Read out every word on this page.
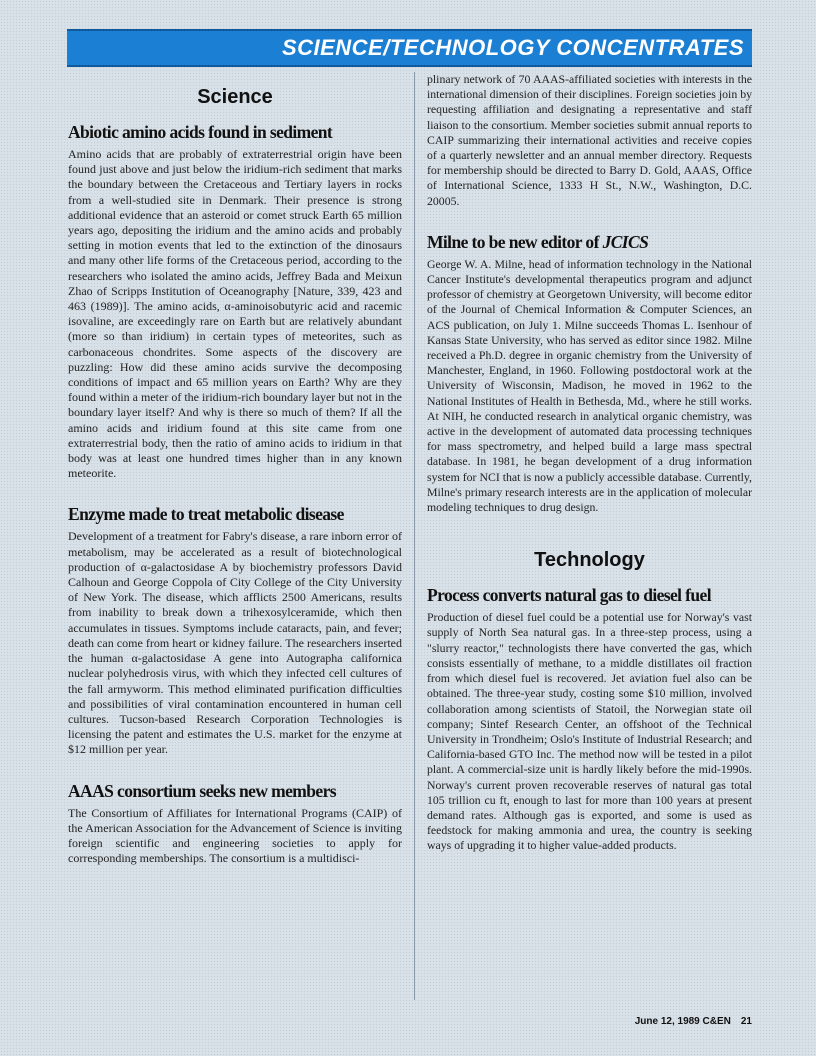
SCIENCE/TECHNOLOGY CONCENTRATES
Science
Abiotic amino acids found in sediment

Amino acids that are probably of extraterrestrial origin have been found just above and just below the iridium-rich sediment that marks the boundary between the Cretaceous and Tertiary layers in rocks from a well-studied site in Denmark. Their presence is strong additional evidence that an asteroid or comet struck Earth 65 million years ago, depositing the iridium and the amino acids and probably setting in motion events that led to the extinction of the dinosaurs and many other life forms of the Cretaceous period, according to the researchers who isolated the amino acids, Jeffrey Bada and Meixun Zhao of Scripps Institution of Oceanography [Nature, 339, 423 and 463 (1989)]. The amino acids, α-aminoisobutyric acid and racemic isovaline, are exceedingly rare on Earth but are relatively abundant (more so than iridium) in certain types of meteorites, such as carbonaceous chondrites. Some aspects of the discovery are puzzling: How did these amino acids survive the decomposing conditions of impact and 65 million years on Earth? Why are they found within a meter of the iridium-rich boundary layer but not in the boundary layer itself? And why is there so much of them? If all the amino acids and iridium found at this site came from one extraterrestrial body, then the ratio of amino acids to iridium in that body was at least one hundred times higher than in any known meteorite.

Enzyme made to treat metabolic disease

Development of a treatment for Fabry's disease, a rare inborn error of metabolism, may be accelerated as a result of biotechnological production of α-galactosidase A by biochemistry professors David Calhoun and George Coppola of City College of the City University of New York. The disease, which afflicts 2500 Americans, results from inability to break down a trihexosylceramide, which then accumulates in tissues. Symptoms include cataracts, pain, and fever; death can come from heart or kidney failure. The researchers inserted the human α-galactosidase A gene into Autographa californica nuclear polyhedrosis virus, with which they infected cell cultures of the fall armyworm. This method eliminated purification difficulties and possibilities of viral contamination encountered in human cell cultures. Tucson-based Research Corporation Technologies is licensing the patent and estimates the U.S. market for the enzyme at $12 million per year.

AAAS consortium seeks new members

The Consortium of Affiliates for International Programs (CAIP) of the American Association for the Advancement of Science is inviting foreign scientific and engineering societies to apply for corresponding memberships. The consortium is a multidisci-

plinary network of 70 AAAS-affiliated societies with interests in the international dimension of their disciplines. Foreign societies join by requesting affiliation and designating a representative and staff liaison to the consortium. Member societies submit annual reports to CAIP summarizing their international activities and receive copies of a quarterly newsletter and an annual member directory. Requests for membership should be directed to Barry D. Gold, AAAS, Office of International Science, 1333 H St., N.W., Washington, D.C. 20005.

Milne to be new editor of JCICS

George W. A. Milne, head of information technology in the National Cancer Institute's developmental therapeutics program and adjunct professor of chemistry at Georgetown University, will become editor of the Journal of Chemical Information & Computer Sciences, an ACS publication, on July 1. Milne succeeds Thomas L. Isenhour of Kansas State University, who has served as editor since 1982. Milne received a Ph.D. degree in organic chemistry from the University of Manchester, England, in 1960. Following postdoctoral work at the University of Wisconsin, Madison, he moved in 1962 to the National Institutes of Health in Bethesda, Md., where he still works. At NIH, he conducted research in analytical organic chemistry, was active in the development of automated data processing techniques for mass spectrometry, and helped build a large mass spectral database. In 1981, he began development of a drug information system for NCI that is now a publicly accessible database. Currently, Milne's primary research interests are in the application of molecular modeling techniques to drug design.

Technology
Process converts natural gas to diesel fuel

Production of diesel fuel could be a potential use for Norway's vast supply of North Sea natural gas. In a three-step process, using a "slurry reactor," technologists there have converted the gas, which consists essentially of methane, to a middle distillates oil fraction from which diesel fuel is recovered. Jet aviation fuel also can be obtained. The three-year study, costing some $10 million, involved collaboration among scientists of Statoil, the Norwegian state oil company; Sintef Research Center, an offshoot of the Technical University in Trondheim; Oslo's Institute of Industrial Research; and California-based GTO Inc. The method now will be tested in a pilot plant. A commercial-size unit is hardly likely before the mid-1990s. Norway's current proven recoverable reserves of natural gas total 105 trillion cu ft, enough to last for more than 100 years at present demand rates. Although gas is exported, and some is used as feedstock for making ammonia and urea, the country is seeking ways of upgrading it to higher value-added products.

June 12, 1989 C&EN 21
